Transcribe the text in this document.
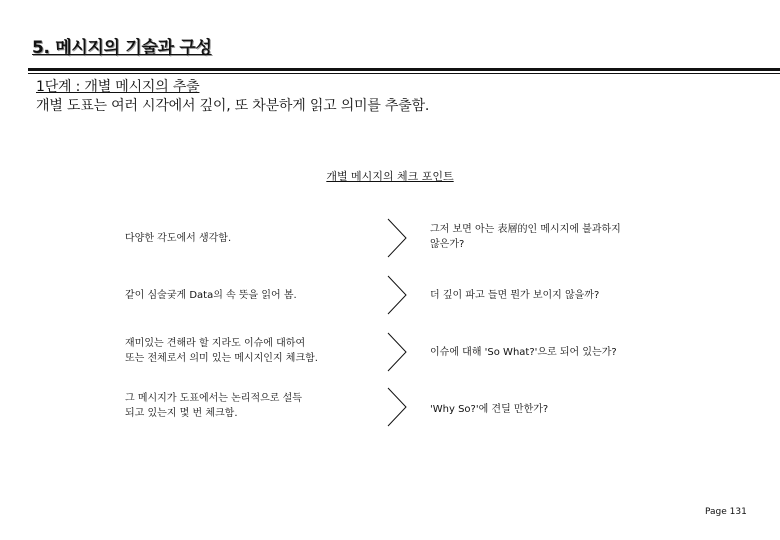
5. 메시지의 기술과 구성
1단계 : 개별 메시지의 추출
개별 도표는 여러 시각에서 깊이, 또 차분하게 읽고 의미를 추출함.
개별 메시지의 체크 포인트
다양한 각도에서 생각함.
그저 보면 아는 表層的인 메시지에 불과하지
않은가?
같이 심술궂게 Data의 속 뜻을 읽어 봄.	더 깊이 파고 들면 뭔가 보이지 않을까?
재미있는 견해라 할 지라도 이슈에 대하여
또는 전체로서 의미 있는 메시지인지 체크함.
이슈에 대해 'So What?'으로 되어 있는가?
그 메시지가 도표에서는 논리적으로 설득
되고 있는지 몇 번 체크함.	'Why So?'에 견딜 만한가?
Page 131
